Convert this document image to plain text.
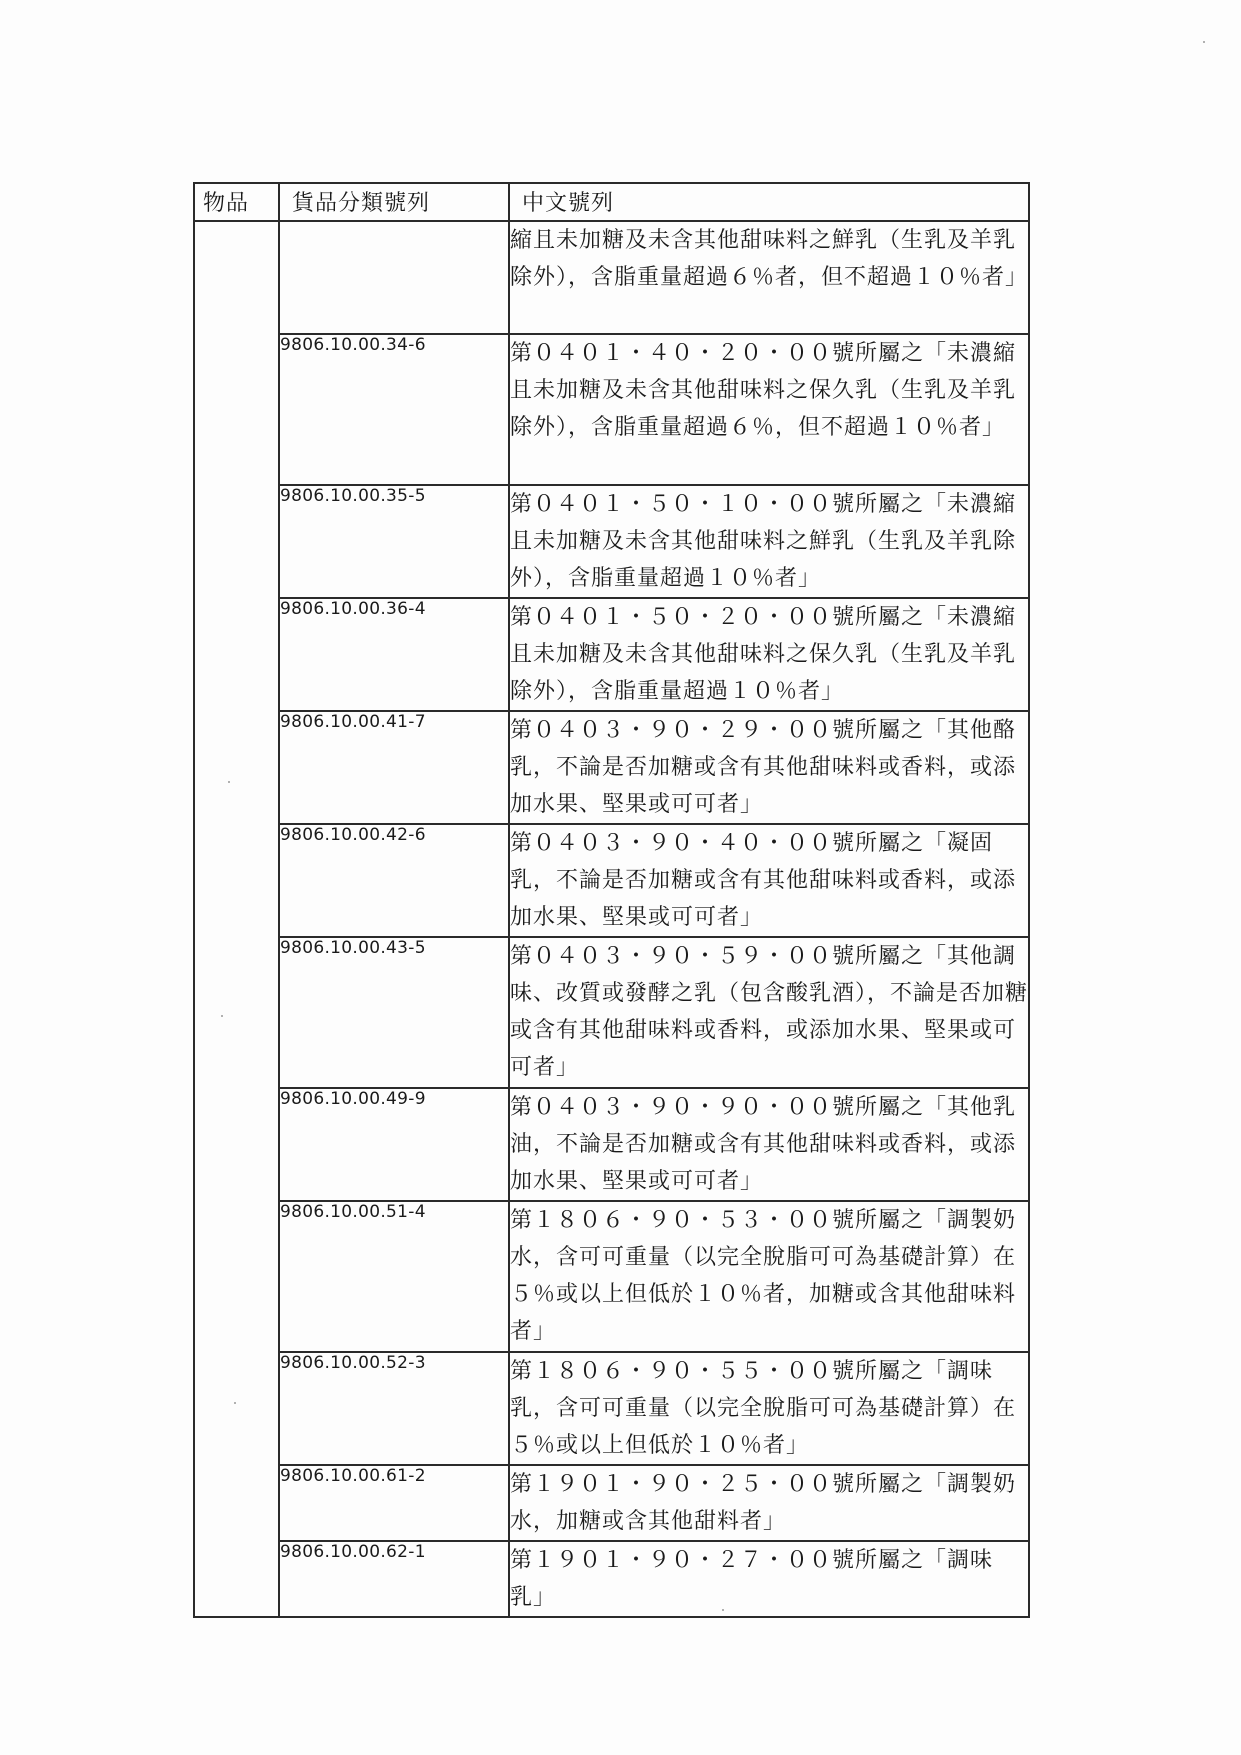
物品	貨品分類號列	中文號列

		縮且未加糖及未含其他甜味料之鮮乳（生乳及羊乳除外），含脂重量超過６％者，但不超過１０％者」
	9806.10.00.34-6	第０４０１・４０・２０・００號所屬之「未濃縮且未加糖及未含其他甜味料之保久乳（生乳及羊乳除外），含脂重量超過６％，但不超過１０％者」
	9806.10.00.35-5	第０４０１・５０・１０・００號所屬之「未濃縮且未加糖及未含其他甜味料之鮮乳（生乳及羊乳除外），含脂重量超過１０％者」
	9806.10.00.36-4	第０４０１・５０・２０・００號所屬之「未濃縮且未加糖及未含其他甜味料之保久乳（生乳及羊乳除外），含脂重量超過１０％者」
	9806.10.00.41-7	第０４０３・９０・２９・００號所屬之「其他酪乳，不論是否加糖或含有其他甜味料或香料，或添加水果、堅果或可可者」
	9806.10.00.42-6	第０４０３・９０・４０・００號所屬之「凝固乳，不論是否加糖或含有其他甜味料或香料，或添加水果、堅果或可可者」
	9806.10.00.43-5	第０４０３・９０・５９・００號所屬之「其他調味、改質或發酵之乳（包含酸乳酒），不論是否加糖或含有其他甜味料或香料，或添加水果、堅果或可可者」
	9806.10.00.49-9	第０４０３・９０・９０・００號所屬之「其他乳油，不論是否加糖或含有其他甜味料或香料，或添加水果、堅果或可可者」
	9806.10.00.51-4	第１８０６・９０・５３・００號所屬之「調製奶水，含可可重量（以完全脫脂可可為基礎計算）在５％或以上但低於１０％者，加糖或含其他甜味料者」
	9806.10.00.52-3	第１８０６・９０・５５・００號所屬之「調味乳，含可可重量（以完全脫脂可可為基礎計算）在５％或以上但低於１０％者」
	9806.10.00.61-2	第１９０１・９０・２５・００號所屬之「調製奶水，加糖或含其他甜料者」
	9806.10.00.62-1	第１９０１・９０・２７・００號所屬之「調味乳」
